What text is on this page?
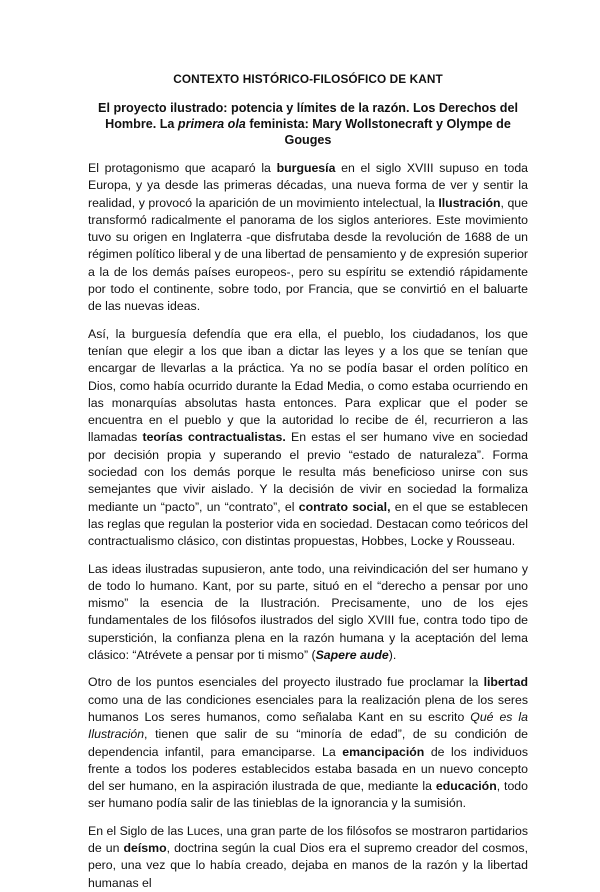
CONTEXTO HISTÓRICO-FILOSÓFICO DE KANT
El proyecto ilustrado: potencia y límites de la razón. Los Derechos del Hombre. La primera ola feminista: Mary Wollstonecraft y Olympe de Gouges

El protagonismo que acaparó la burguesía en el siglo XVIII supuso en toda Europa, y ya desde las primeras décadas, una nueva forma de ver y sentir la realidad, y provocó la aparición de un movimiento intelectual, la Ilustración, que transformó radicalmente el panorama de los siglos anteriores. Este movimiento tuvo su origen en Inglaterra -que disfrutaba desde la revolución de 1688 de un régimen político liberal y de una libertad de pensamiento y de expresión superior a la de los demás países europeos-, pero su espíritu se extendió rápidamente por todo el continente, sobre todo, por Francia, que se convirtió en el baluarte de las nuevas ideas.

Así, la burguesía defendía que era ella, el pueblo, los ciudadanos, los que tenían que elegir a los que iban a dictar las leyes y a los que se tenían que encargar de llevarlas a la práctica. Ya no se podía basar el orden político en Dios, como había ocurrido durante la Edad Media, o como estaba ocurriendo en las monarquías absolutas hasta entonces. Para explicar que el poder se encuentra en el pueblo y que la autoridad lo recibe de él, recurrieron a las llamadas teorías contractualistas. En estas el ser humano vive en sociedad por decisión propia y superando el previo “estado de naturaleza”. Forma sociedad con los demás porque le resulta más beneficioso unirse con sus semejantes que vivir aislado. Y la decisión de vivir en sociedad la formaliza mediante un “pacto”, un “contrato”, el contrato social, en el que se establecen las reglas que regulan la posterior vida en sociedad. Destacan como teóricos del contractualismo clásico, con distintas propuestas, Hobbes, Locke y Rousseau.

Las ideas ilustradas supusieron, ante todo, una reivindicación del ser humano y de todo lo humano. Kant, por su parte, situó en el “derecho a pensar por uno mismo” la esencia de la Ilustración. Precisamente, uno de los ejes fundamentales de los filósofos ilustrados del siglo XVIII fue, contra todo tipo de superstición, la confianza plena en la razón humana y la aceptación del lema clásico: “Atrévete a pensar por ti mismo” (Sapere aude).

Otro de los puntos esenciales del proyecto ilustrado fue proclamar la libertad como una de las condiciones esenciales para la realización plena de los seres humanos Los seres humanos, como señalaba Kant en su escrito Qué es la Ilustración, tienen que salir de su “minoría de edad”, de su condición de dependencia infantil, para emanciparse. La emancipación de los individuos frente a todos los poderes establecidos estaba basada en un nuevo concepto del ser humano, en la aspiración ilustrada de que, mediante la educación, todo ser humano podía salir de las tinieblas de la ignorancia y la sumisión.

En el Siglo de las Luces, una gran parte de los filósofos se mostraron partidarios de un deísmo, doctrina según la cual Dios era el supremo creador del cosmos, pero, una vez que lo había creado, dejaba en manos de la razón y la libertad humanas el
